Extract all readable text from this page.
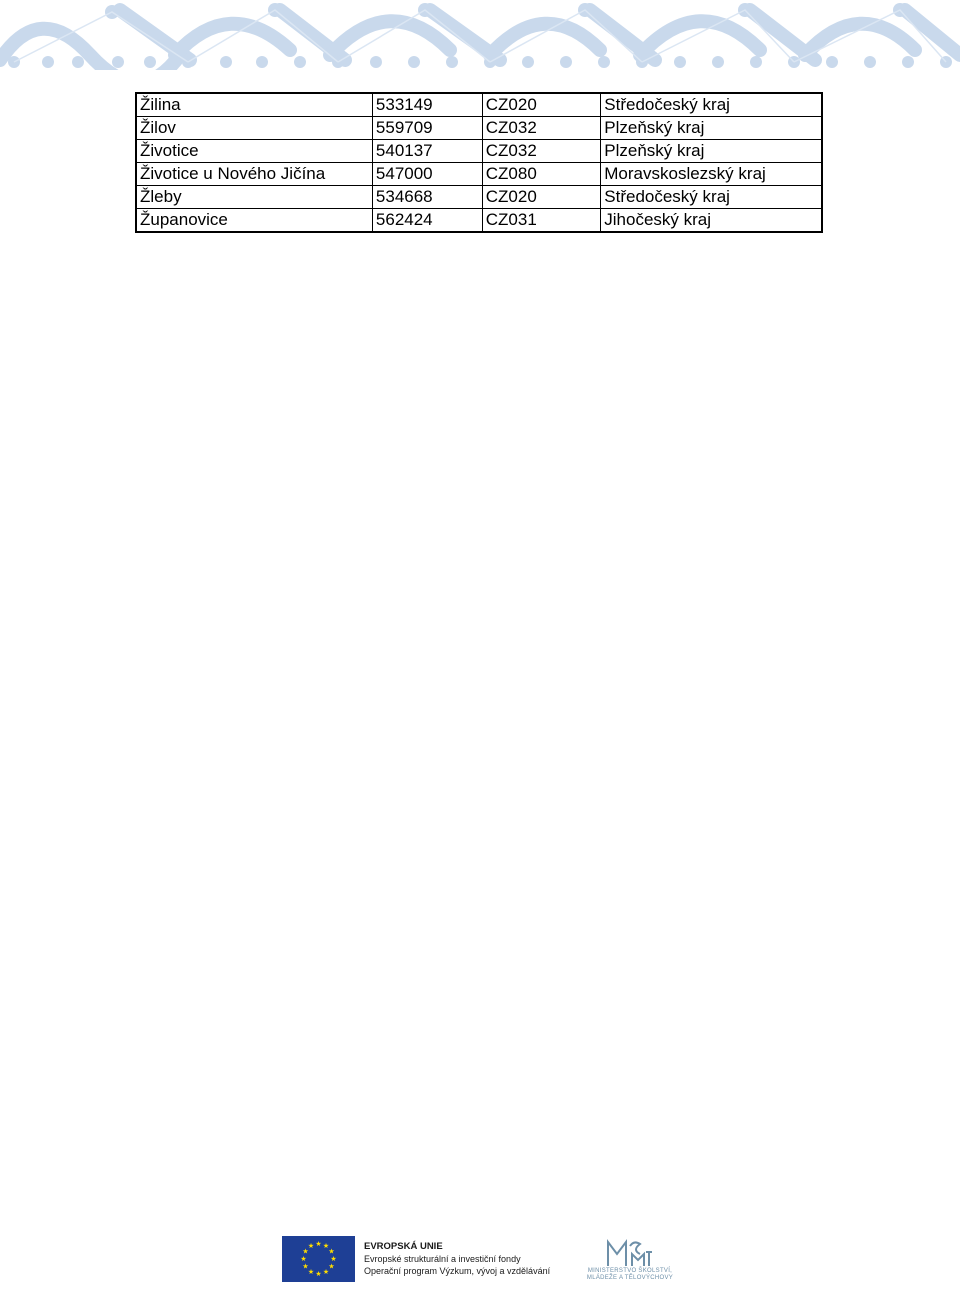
Žilina	533149	CZ020	Středočeský kraj
Žilov	559709	CZ032	Plzeňský kraj
Životice	540137	CZ032	Plzeňský kraj
Životice u Nového Jičína	547000	CZ080	Moravskoslezský kraj
Žleby	534668	CZ020	Středočeský kraj
Županovice	562424	CZ031	Jihočeský kraj
★ ★
★
★
★
★
★
★
★
★
★
★	EVROPSKÁ UNIE
Evropské strukturální a investiční fondy
Operační program Výzkum, vývoj a vzdělávání	MINISTERSTVO ŠKOLSTVÍ,
MLÁDEŽE A TĚLOVÝCHOVY
